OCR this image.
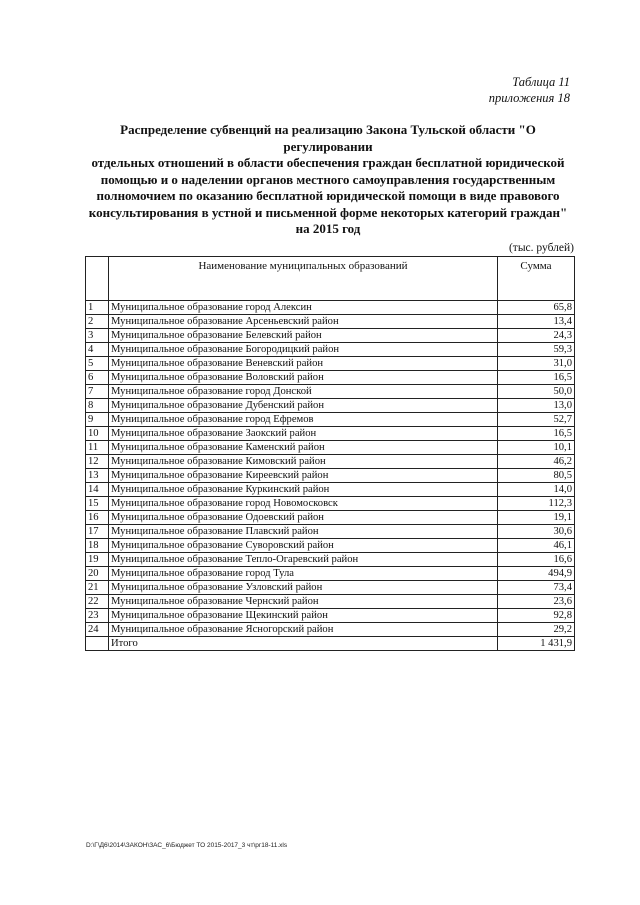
Таблица 11
приложения 18
Распределение субвенций на реализацию Закона Тульской области "О регулировании
отдельных отношений в области обеспечения граждан бесплатной юридической
помощью и о наделении органов местного самоуправления государственным
полномочием по оказанию бесплатной юридической помощи в виде правового
консультирования в устной и письменной форме некоторых категорий граждан"
на 2015 год
(тыс. рублей)
	Наименование муниципальных образований	Сумма
1	Муниципальное образование город Алексин	65,8
2	Муниципальное образование Арсеньевский район	13,4
3	Муниципальное образование Белевский район	24,3
4	Муниципальное образование Богородицкий район	59,3
5	Муниципальное образование Веневский район	31,0
6	Муниципальное образование Воловский район	16,5
7	Муниципальное образование город Донской	50,0
8	Муниципальное образование Дубенский район	13,0
9	Муниципальное образование город Ефремов	52,7
10	Муниципальное образование Заокский район	16,5
11	Муниципальное образование Каменский район	10,1
12	Муниципальное образование Кимовский район	46,2
13	Муниципальное образование Киреевский район	80,5
14	Муниципальное образование Куркинский район	14,0
15	Муниципальное образование город Новомосковск	112,3
16	Муниципальное образование Одоевский район	19,1
17	Муниципальное образование Плавский район	30,6
18	Муниципальное образование Суворовский район	46,1
19	Муниципальное образование Тепло-Огаревский район	16,6
20	Муниципальное образование город Тула	494,9
21	Муниципальное образование Узловский район	73,4
22	Муниципальное образование Чернский район	23,6
23	Муниципальное образование Щекинский район	92,8
24	Муниципальное образование Ясногорский район	29,2
	Итого	1 431,9
D:\Г\Д6\2014\ЗАКОН\ЗАС_6\Бюджет ТО 2015-2017_3 чт\рг18-11.xls
